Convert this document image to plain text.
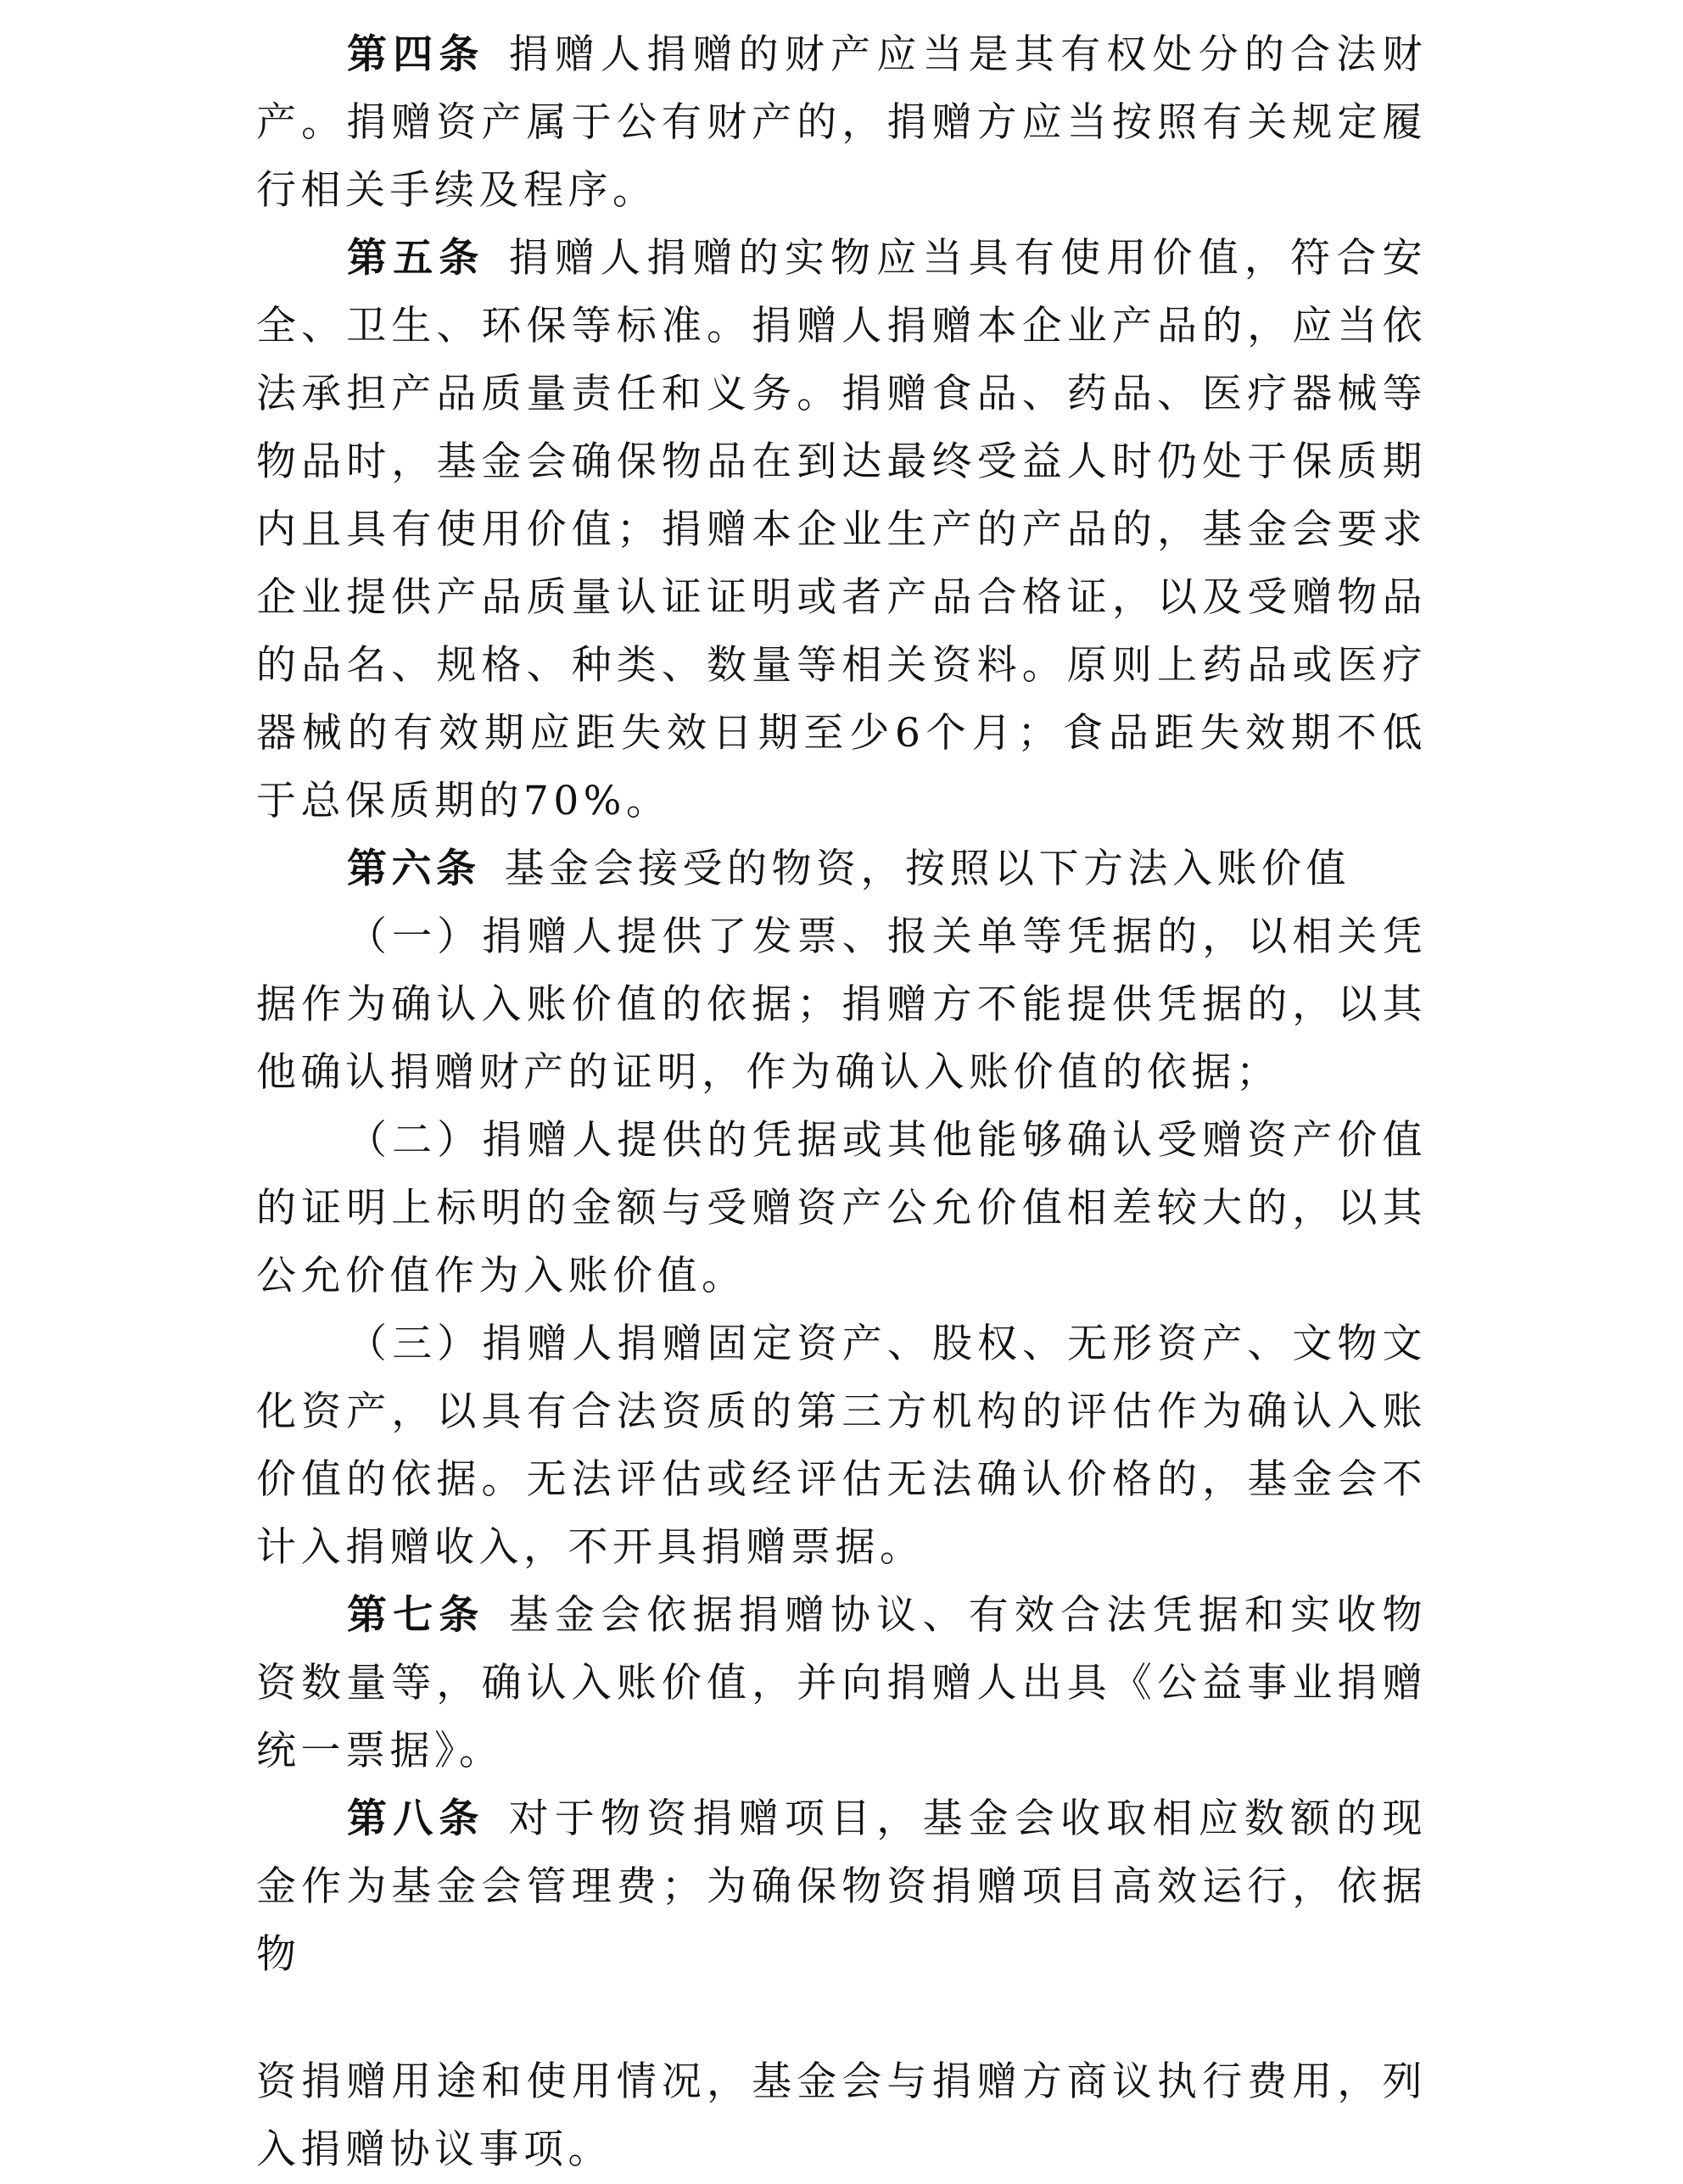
第四条 捐赠人捐赠的财产应当是其有权处分的合法财产。捐赠资产属于公有财产的，捐赠方应当按照有关规定履行相关手续及程序。

第五条 捐赠人捐赠的实物应当具有使用价值，符合安全、卫生、环保等标准。捐赠人捐赠本企业产品的，应当依法承担产品质量责任和义务。捐赠食品、药品、医疗器械等物品时，基金会确保物品在到达最终受益人时仍处于保质期内且具有使用价值；捐赠本企业生产的产品的，基金会要求企业提供产品质量认证证明或者产品合格证，以及受赠物品的品名、规格、种类、数量等相关资料。原则上药品或医疗器械的有效期应距失效日期至少6个月；食品距失效期不低于总保质期的70%。

第六条 基金会接受的物资，按照以下方法入账价值

（一）捐赠人提供了发票、报关单等凭据的，以相关凭据作为确认入账价值的依据；捐赠方不能提供凭据的，以其他确认捐赠财产的证明，作为确认入账价值的依据；

（二）捐赠人提供的凭据或其他能够确认受赠资产价值的证明上标明的金额与受赠资产公允价值相差较大的，以其公允价值作为入账价值。

（三）捐赠人捐赠固定资产、股权、无形资产、文物文化资产，以具有合法资质的第三方机构的评估作为确认入账价值的依据。无法评估或经评估无法确认价格的，基金会不计入捐赠收入，不开具捐赠票据。

第七条 基金会依据捐赠协议、有效合法凭据和实收物资数量等，确认入账价值，并向捐赠人出具《公益事业捐赠统一票据》。

第八条 对于物资捐赠项目，基金会收取相应数额的现金作为基金会管理费；为确保物资捐赠项目高效运行，依据物

资捐赠用途和使用情况，基金会与捐赠方商议执行费用，列入捐赠协议事项。
